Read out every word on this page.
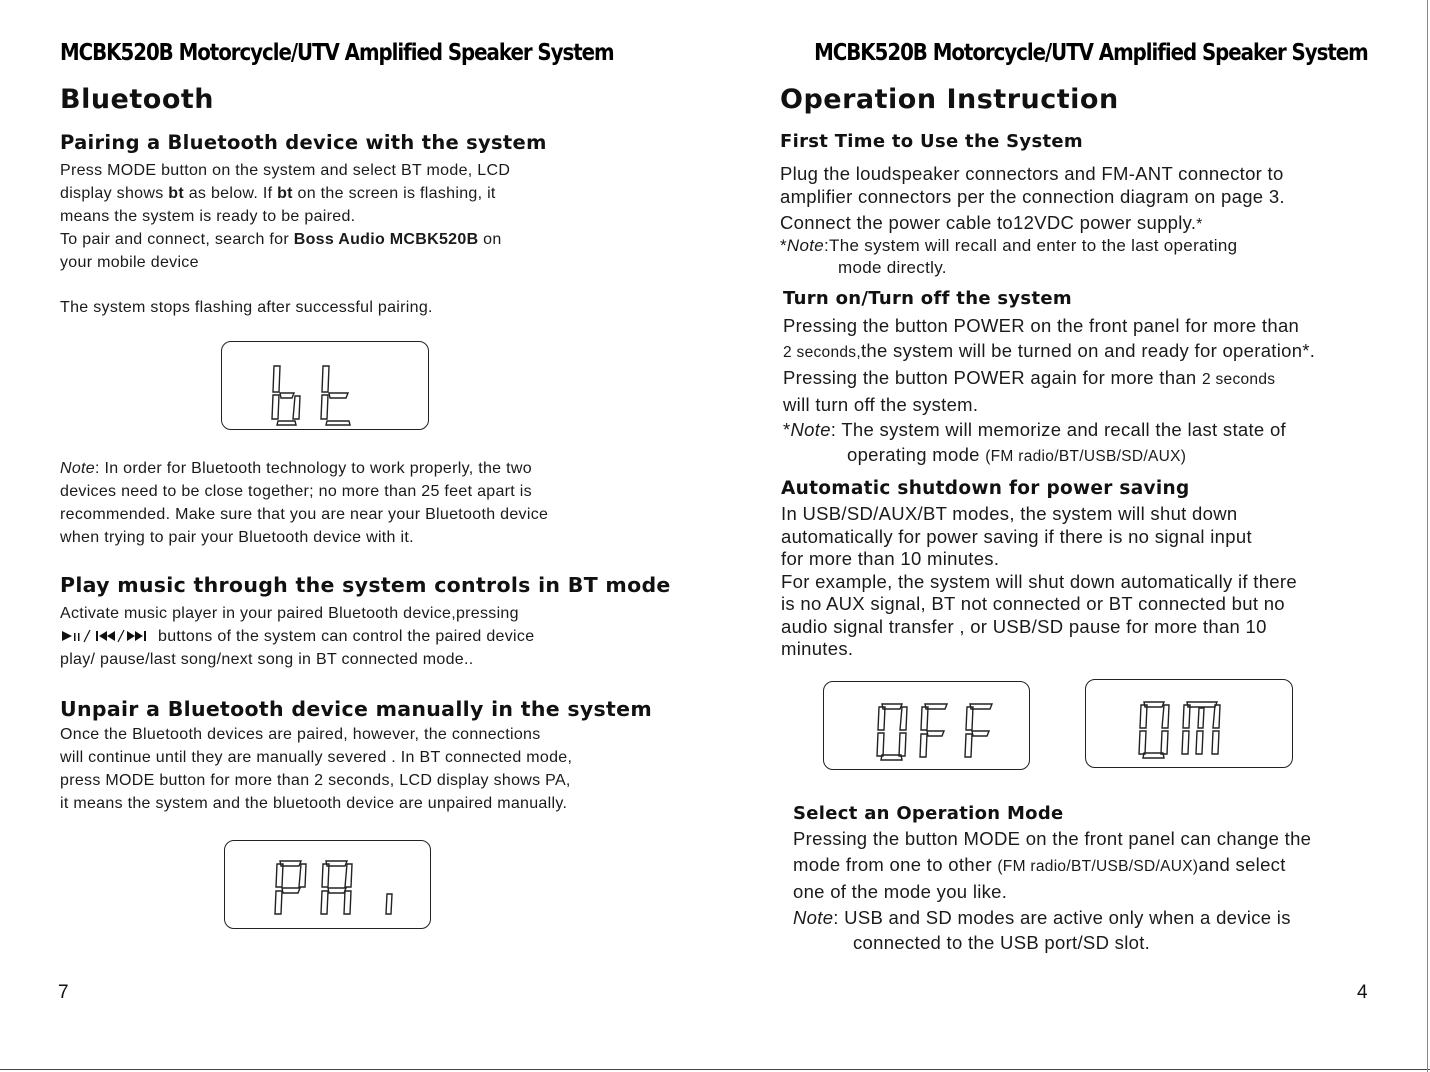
MCBK520B Motorcycle/UTV Amplified Speaker System
Bluetooth
Pairing a Bluetooth device with the system

Press MODE button on the system and select BT mode, LCD

display shows bt as below. If bt on the screen is flashing, it

means the system is ready to be paired.

To pair and connect, search for Boss Audio MCBK520B on

your mobile device

The system stops flashing after successful pairing.

Note: In order for Bluetooth technology to work properly, the two

devices need to be close together; no more than 25 feet apart is

recommended. Make sure that you are near your Bluetooth device

when trying to pair your Bluetooth device with it.

Play music through the system controls in BT mode

Activate music player in your paired Bluetooth device,pressing

buttons of the system can control the paired device

play/ pause/last song/next song in BT connected mode..

Unpair a Bluetooth device manually in the system

Once the Bluetooth devices are paired, however, the connections

will continue until they are manually severed . In BT connected mode,

press MODE button for more than 2 seconds, LCD display shows PA,

it means the system and the bluetooth device are unpaired manually.

7
MCBK520B Motorcycle/UTV Amplified Speaker System
Operation Instruction
First Time to Use the System

Plug the loudspeaker connectors and FM-ANT connector to

amplifier connectors per the connection diagram on page 3.

Connect the power cable to12VDC power supply.*

*Note:The system will recall and enter to the last operating

mode directly.

Turn on/Turn off the system

Pressing the button POWER on the front panel for more than

2 seconds,the system will be turned on and ready for operation*.

Pressing the button POWER again for more than 2 seconds

will turn off the system.

*Note: The system will memorize and recall the last state of

operating mode (FM radio/BT/USB/SD/AUX)

Automatic shutdown for power saving

In USB/SD/AUX/BT modes, the system will shut down

automatically for power saving if there is no signal input

for more than 10 minutes.

For example, the system will shut down automatically if there

is no AUX signal, BT not connected or BT connected but no

audio signal transfer , or USB/SD pause for more than 10

minutes.

Select an Operation Mode

Pressing the button MODE on the front panel can change the

mode from one to other (FM radio/BT/USB/SD/AUX)and select

one of the mode you like.

Note: USB and SD modes are active only when a device is

connected to the USB port/SD slot.

4
